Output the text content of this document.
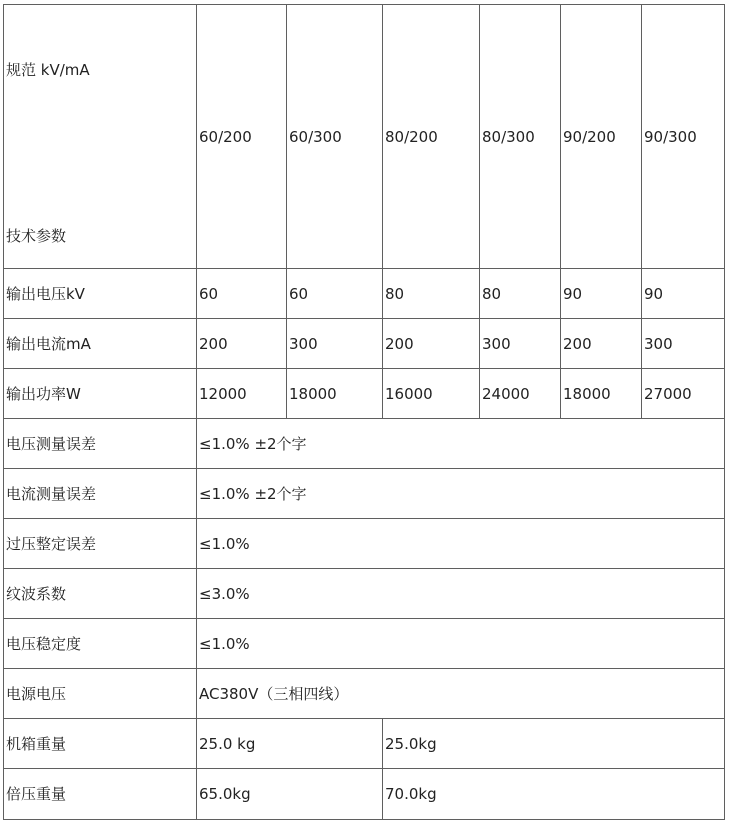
规范 kV/mA
技术参数	60/200	60/300	80/200	80/300	90/200	90/300
输出电压kV	60	60	80	80	90	90
输出电流mA	200	300	200	300	200	300
输出功率W	12000	18000	16000	24000	18000	27000
电压测量误差	≤1.0% ±2个字					
电流测量误差	≤1.0% ±2个字					
过压整定误差	≤1.0%					
纹波系数	≤3.0%					
电压稳定度	≤1.0%					
电源电压	AC380V（三相四线）					
机箱重量	25.0 kg		25.0kg			
倍压重量	65.0kg		70.0kg			
